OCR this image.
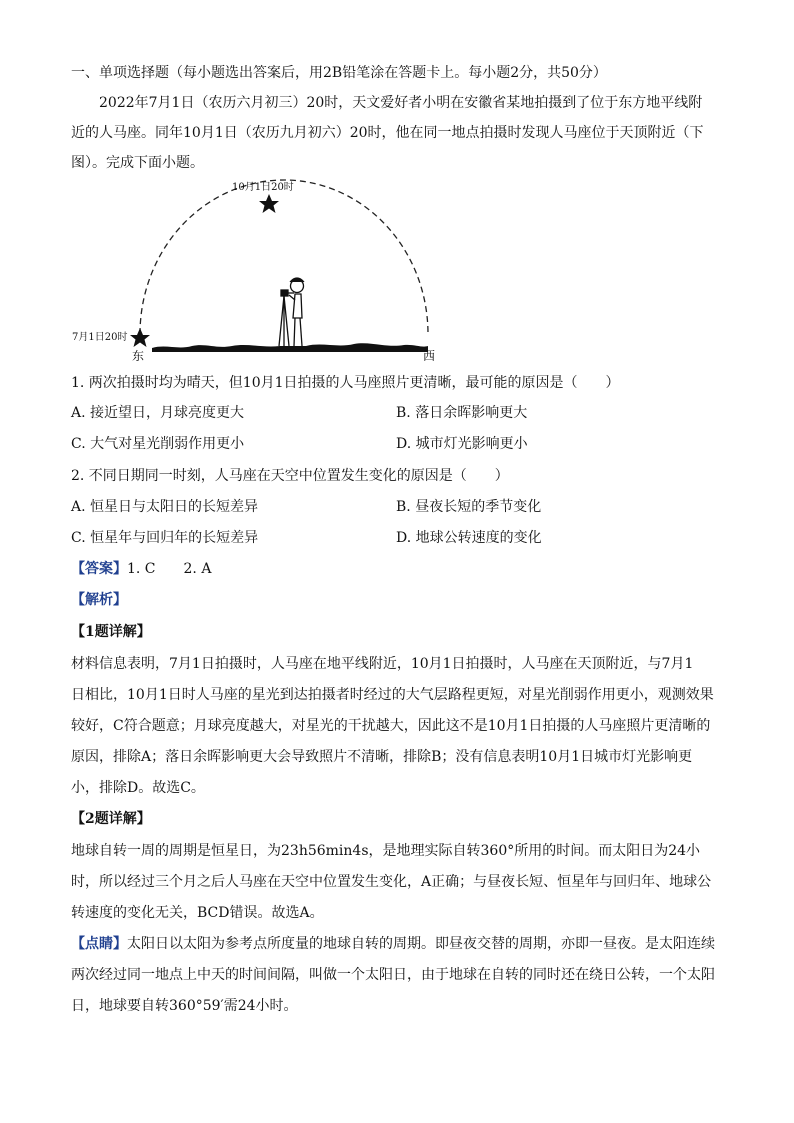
一、单项选择题（每小题选出答案后，用2B铅笔涂在答题卡上。每小题2分，共50分）
2022年7月1日（农历六月初三）20时，天文爱好者小明在安徽省某地拍摄到了位于东方地平线附
近的人马座。同年10月1日（农历九月初六）20时，他在同一地点拍摄时发现人马座位于天顶附近（下
图）。完成下面小题。
10月1日20时
7月1日20时
东	西
1. 两次拍摄时均为晴天，但10月1日拍摄的人马座照片更清晰，最可能的原因是（　　）
A. 接近望日，月球亮度更大	B. 落日余晖影响更大
C. 大气对星光削弱作用更小	D. 城市灯光影响更小
2. 不同日期同一时刻，人马座在天空中位置发生变化的原因是（　　）
A. 恒星日与太阳日的长短差异	B. 昼夜长短的季节变化
C. 恒星年与回归年的长短差异	D. 地球公转速度的变化
【答案】1. C　　2. A
【解析】
【1题详解】
材料信息表明，7月1日拍摄时，人马座在地平线附近，10月1日拍摄时，人马座在天顶附近，与7月1
日相比，10月1日时人马座的星光到达拍摄者时经过的大气层路程更短，对星光削弱作用更小，观测效果
较好，C符合题意；月球亮度越大，对星光的干扰越大，因此这不是10月1日拍摄的人马座照片更清晰的
原因，排除A；落日余晖影响更大会导致照片不清晰，排除B；没有信息表明10月1日城市灯光影响更
小，排除D。故选C。
【2题详解】
地球自转一周的周期是恒星日，为23h56min4s，是地理实际自转360°所用的时间。而太阳日为24小
时，所以经过三个月之后人马座在天空中位置发生变化，A正确；与昼夜长短、恒星年与回归年、地球公
转速度的变化无关，BCD错误。故选A。
【点睛】太阳日以太阳为参考点所度量的地球自转的周期。即昼夜交替的周期，亦即一昼夜。是太阳连续
两次经过同一地点上中天的时间间隔，叫做一个太阳日，由于地球在自转的同时还在绕日公转，一个太阳
日，地球要自转360°59′需24小时。
